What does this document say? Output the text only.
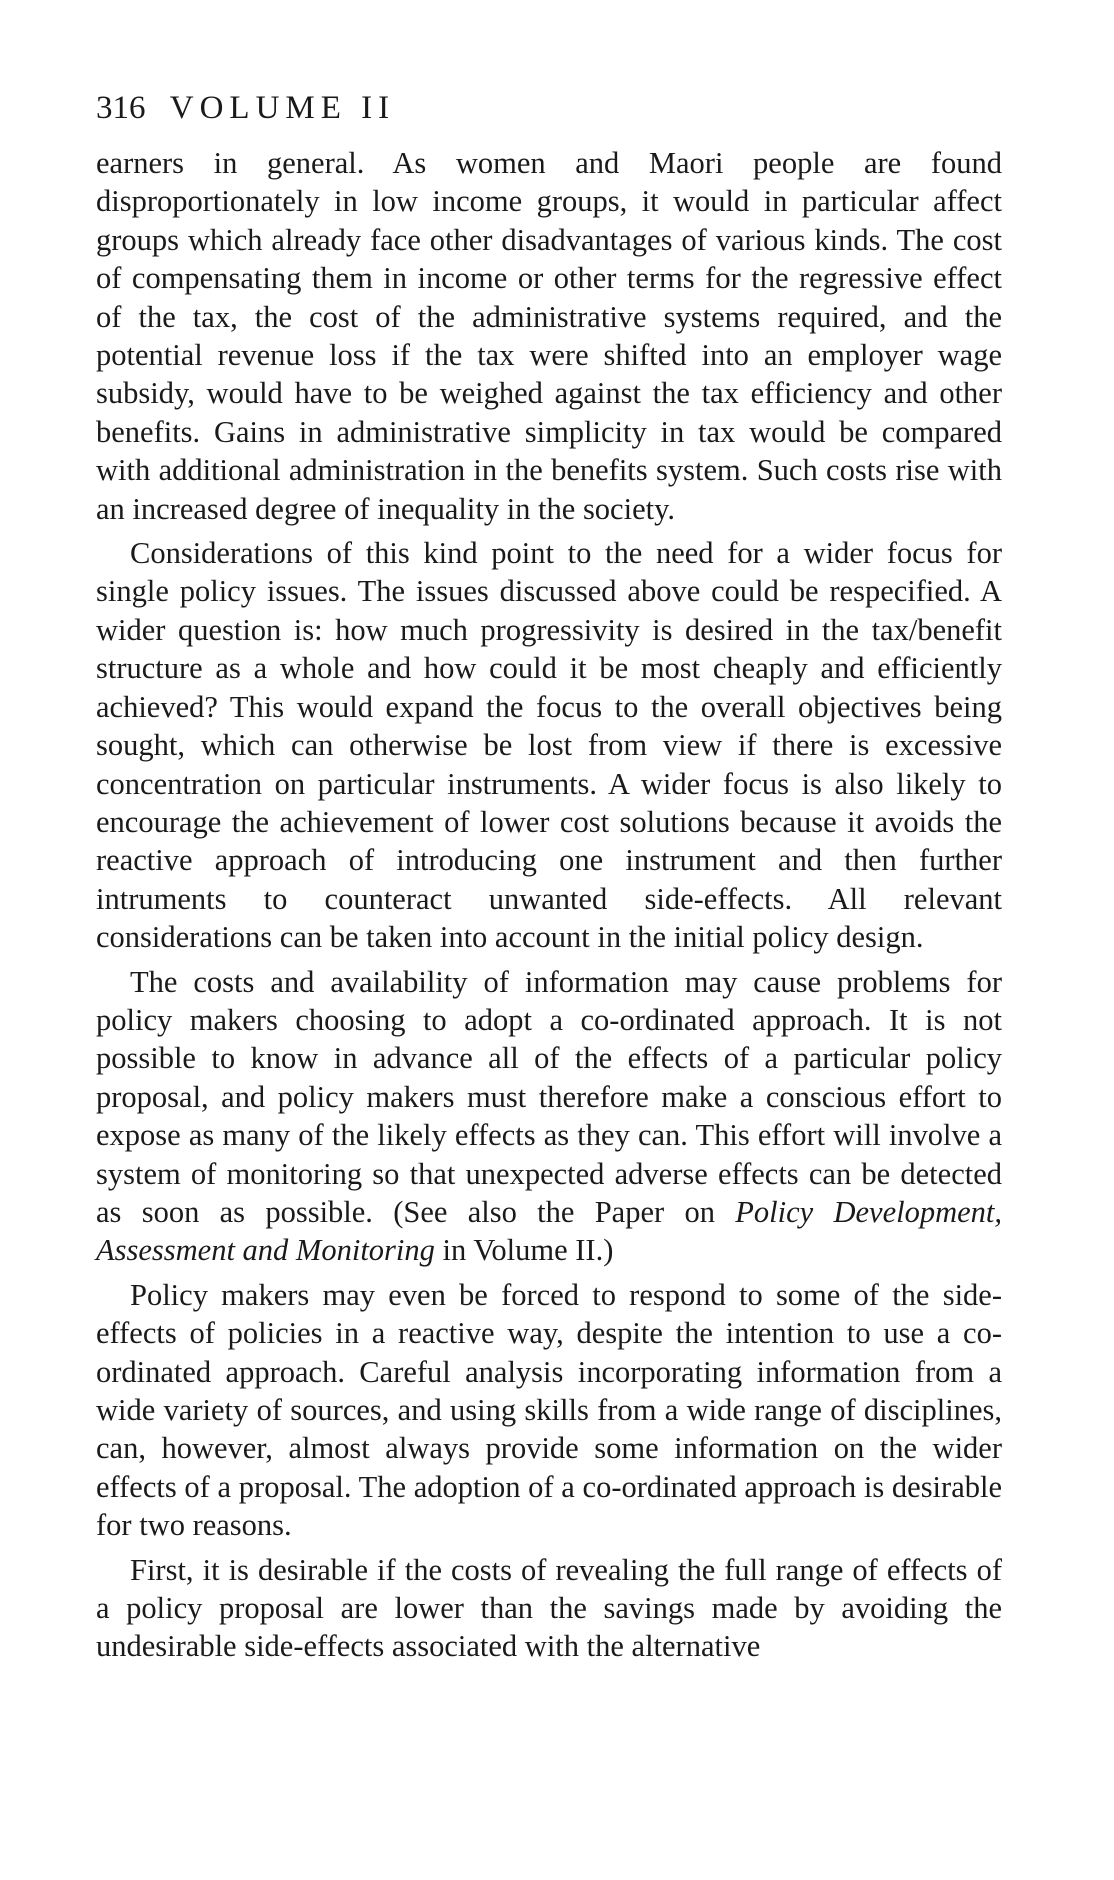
316 VOLUME II

earners in general. As women and Maori people are found disproportionately in low income groups, it would in particular affect groups which already face other disadvantages of various kinds. The cost of compensating them in income or other terms for the regressive effect of the tax, the cost of the administrative systems required, and the potential revenue loss if the tax were shifted into an employer wage subsidy, would have to be weighed against the tax efficiency and other benefits. Gains in administrative simplicity in tax would be compared with additional administration in the benefits system. Such costs rise with an increased degree of inequality in the society.

Considerations of this kind point to the need for a wider focus for single policy issues. The issues discussed above could be respecified. A wider question is: how much progressivity is desired in the tax/benefit structure as a whole and how could it be most cheaply and efficiently achieved? This would expand the focus to the overall objectives being sought, which can otherwise be lost from view if there is excessive concentration on particular instruments. A wider focus is also likely to encourage the achievement of lower cost solutions because it avoids the reactive approach of introducing one instrument and then further intruments to counteract unwanted side-effects. All relevant considerations can be taken into account in the initial policy design.

The costs and availability of information may cause problems for policy makers choosing to adopt a co-ordinated approach. It is not possible to know in advance all of the effects of a particular policy proposal, and policy makers must therefore make a conscious effort to expose as many of the likely effects as they can. This effort will involve a system of monitoring so that unexpected adverse effects can be detected as soon as possible. (See also the Paper on Policy Development, Assessment and Monitoring in Volume II.)

Policy makers may even be forced to respond to some of the side-effects of policies in a reactive way, despite the intention to use a co-ordinated approach. Careful analysis incorporating information from a wide variety of sources, and using skills from a wide range of disciplines, can, however, almost always provide some information on the wider effects of a proposal. The adoption of a co-ordinated approach is desirable for two reasons.

First, it is desirable if the costs of revealing the full range of effects of a policy proposal are lower than the savings made by avoiding the undesirable side-effects associated with the alternative
